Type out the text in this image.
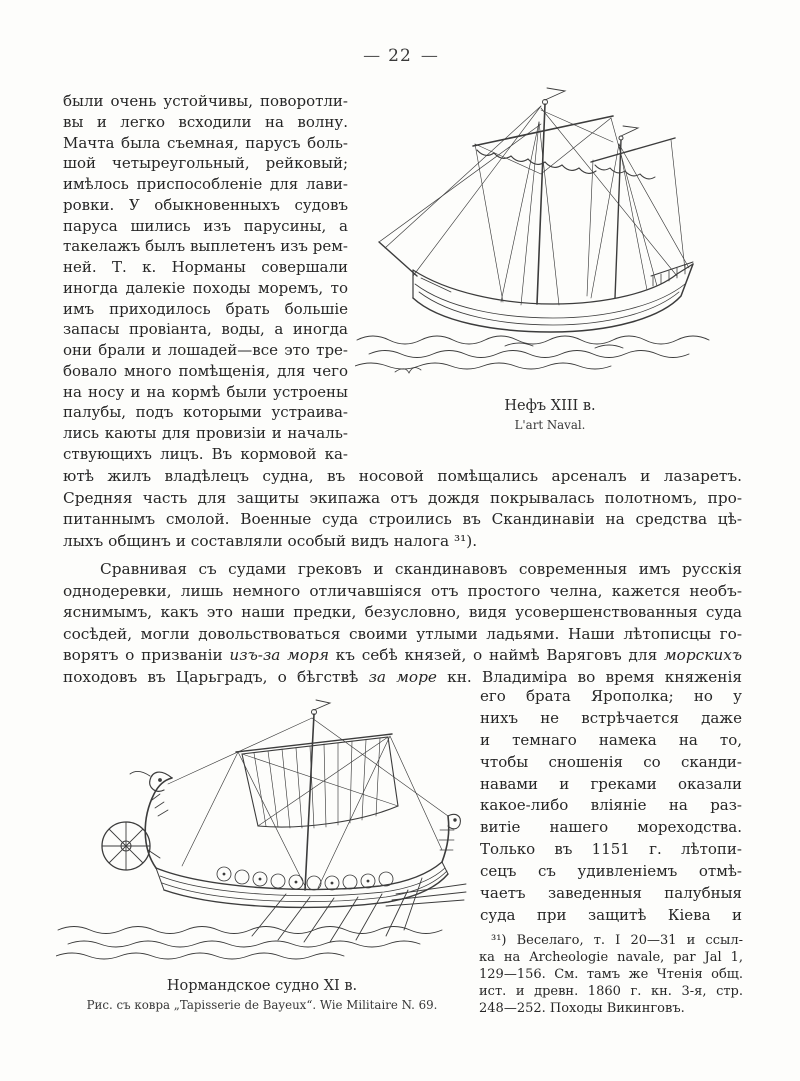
— 22 —
были очень устойчивы, поворотли-
вы и легко всходили на волну.
Мачта была съемная, парусъ боль-
шой четыреугольный, рейковый;
имѣлось приспособленіе для лави-
ровки. У обыкновенныхъ судовъ
паруса шились изъ парусины, а
такелажъ былъ выплетенъ изъ рем-
ней. Т. к. Норманы совершали
иногда далекіе походы моремъ, то
имъ приходилось брать большіе
запасы провіанта, воды, а иногда
они брали и лошадей—все это тре-
бовало много помѣщенія, для чего
на носу и на кормѣ были устроены
палубы, подъ которыми устраива-
лись каюты для провизіи и началь-
ствующихъ лицъ. Въ кормовой ка-
Нефъ XIII в.
L'art Naval.
ютѣ жилъ владѣлецъ судна, въ носовой помѣщались арсеналъ и лазаретъ.
Средняя часть для защиты экипажа отъ дождя покрывалась полотномъ, про-
питаннымъ смолой. Военные суда строились въ Скандинавіи на средства цѣ-
лыхъ общинъ и составляли особый видъ налога ³¹).
Сравнивая съ судами грековъ и скандинавовъ современныя имъ русскія
однодеревки, лишь немного отличавшіяся отъ простого челна, кажется необъ-
яснимымъ, какъ это наши предки, безусловно, видя усовершенствованныя суда
сосѣдей, могли довольствоваться своими утлыми ладьями. Наши лѣтописцы го-
ворятъ о призваніи изъ-за моря къ себѣ князей, о наймѣ Варяговъ для морскихъ
походовъ въ Царьградъ, о бѣгствѣ за море кн. Владиміра во время княженія
Нормандское судно XI в.
Рис. съ ковра „Tapisserie de Bayeux“. Wie Militaire N. 69.
его брата Ярополка; но у
нихъ не встрѣчается даже
и темнаго намека на то,
чтобы сношенія со сканди-
навами и греками оказали
какое-либо вліяніе на раз-
витіе нашего мореходства.
Только въ 1151 г. лѣтопи-
сецъ съ удивленіемъ отмѣ-
чаетъ заведенныя палубныя
суда при защитѣ Кіева и
³¹) Веселаго, т. I 20—31 и ссыл-
ка на Archeologie navale, par Jal 1,
129—156. См. тамъ же Чтенія общ.
ист. и древн. 1860 г. кн. 3-я, стр.
248—252. Походы Викинговъ.
